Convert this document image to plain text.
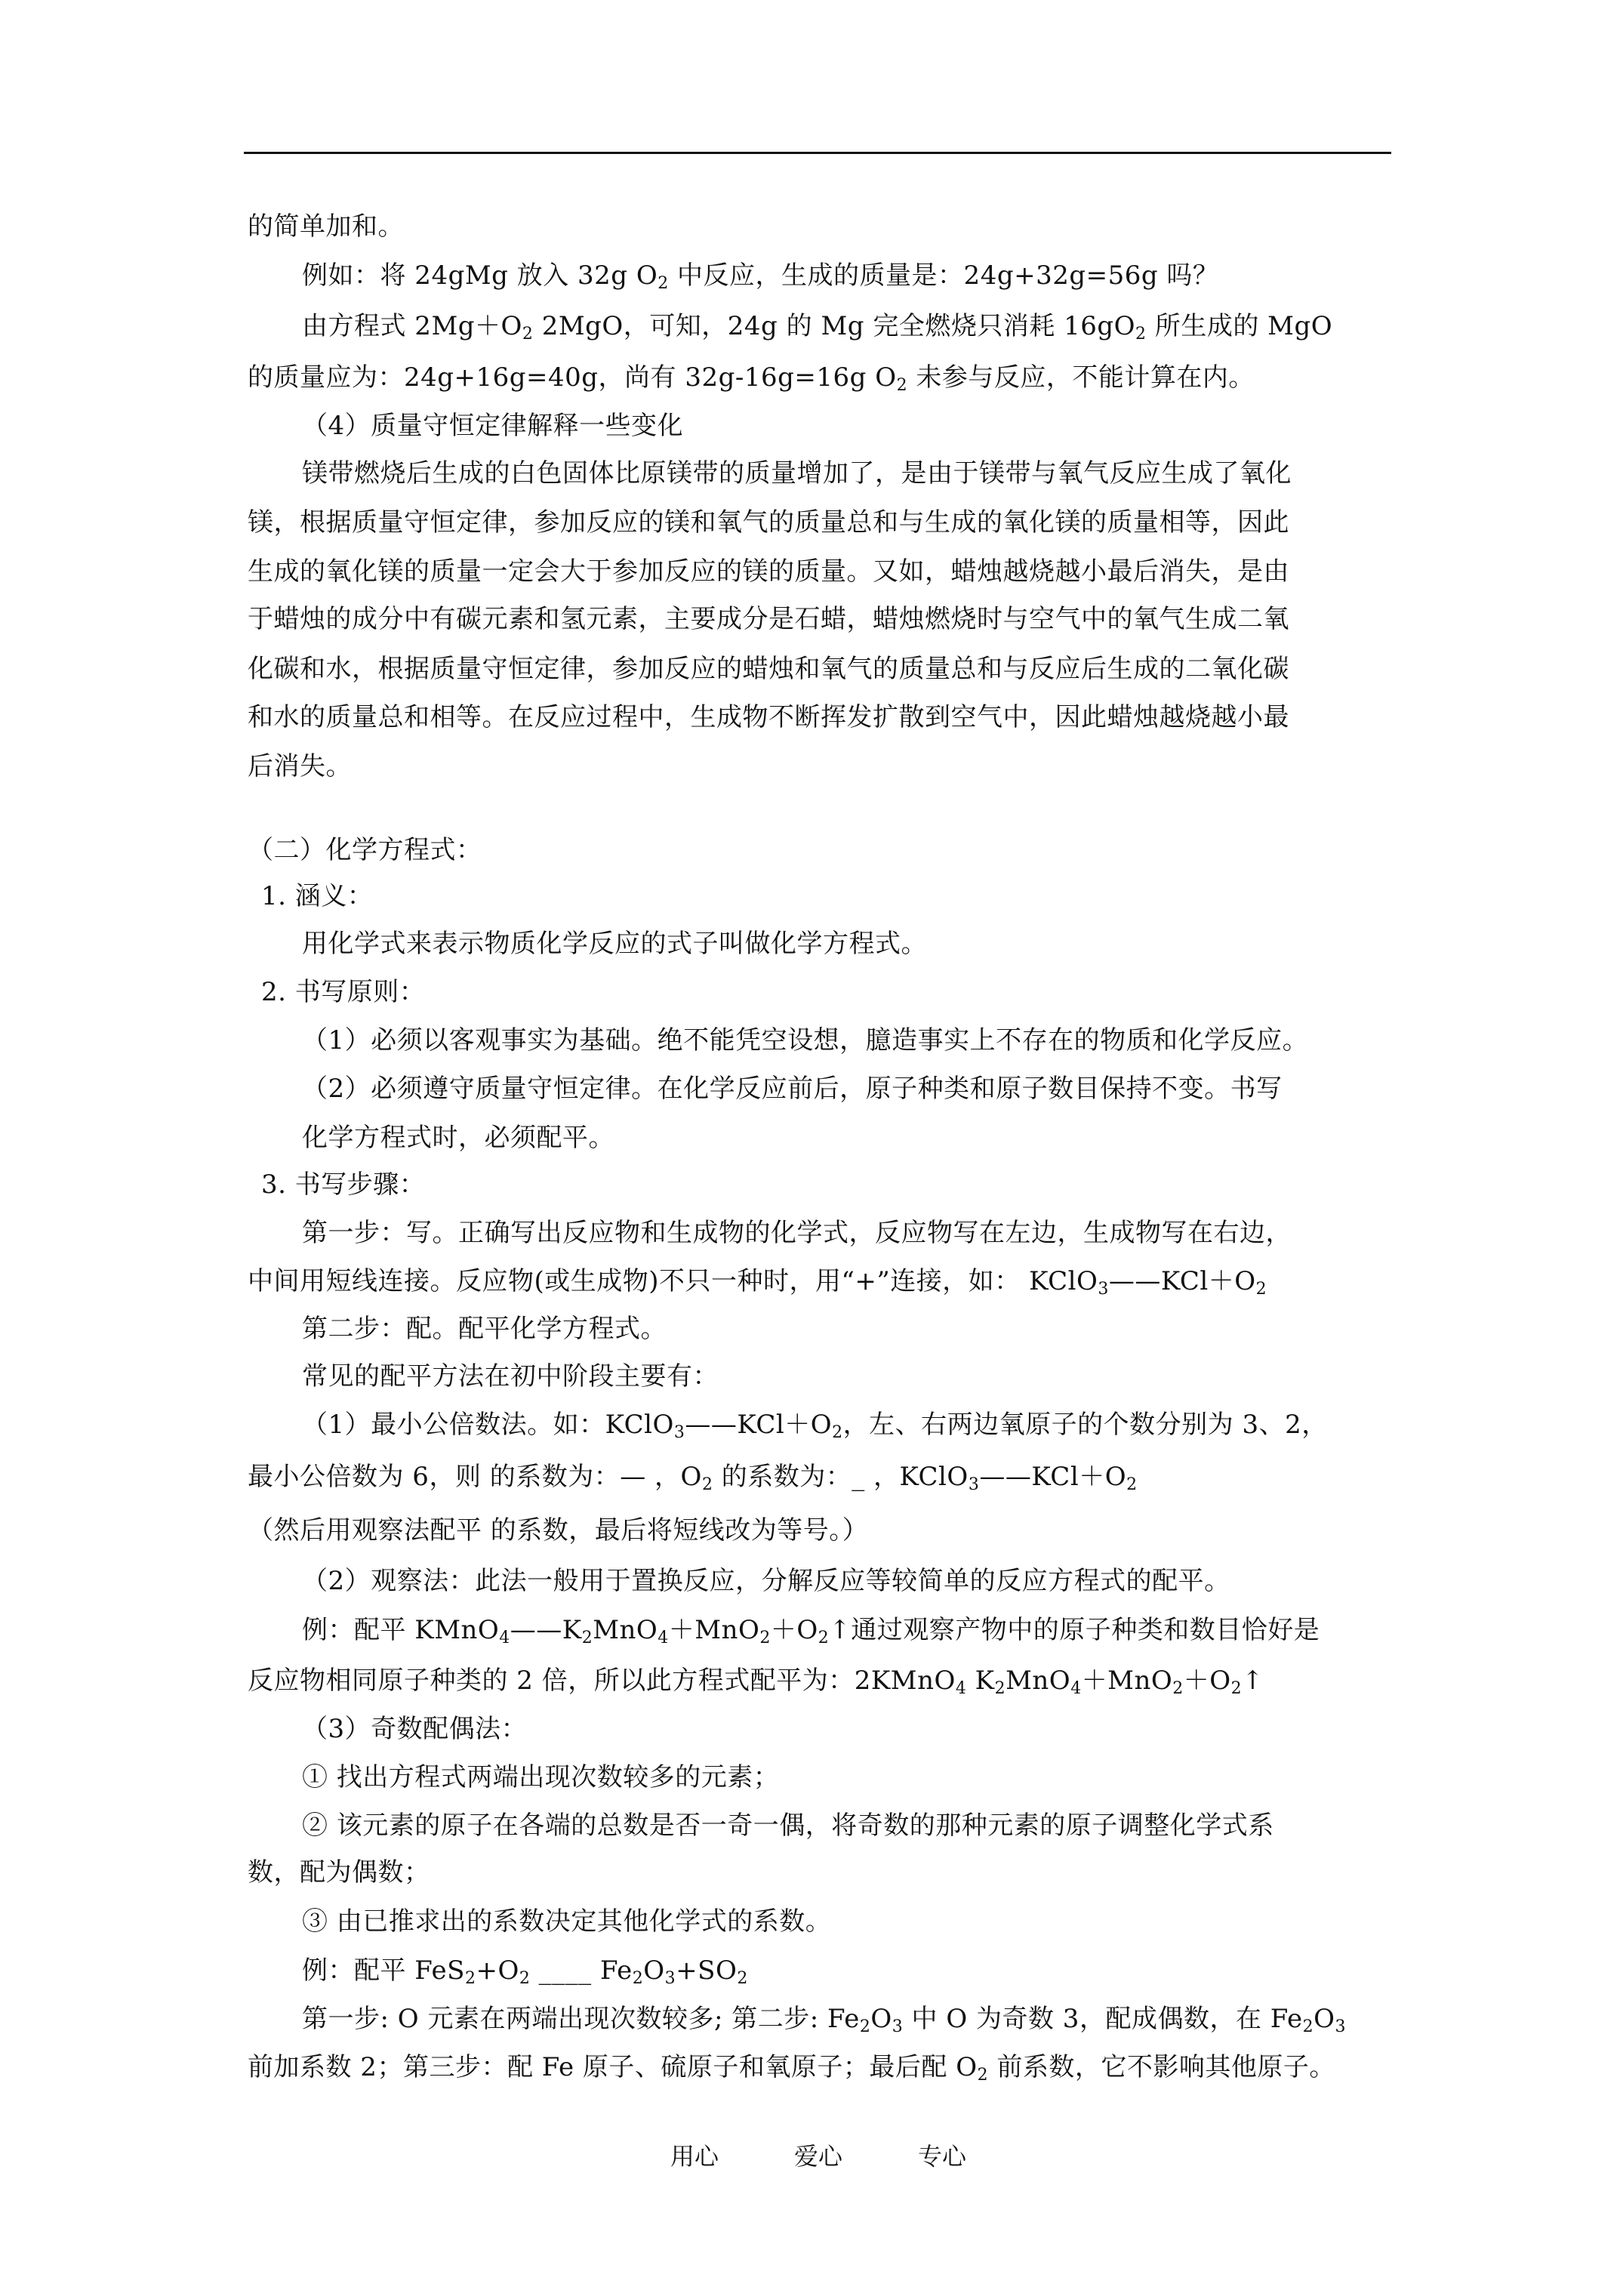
的简单加和。
例如：将 24gMg 放入 32g $O_2$ 中反应，生成的质量是：24g+32g=56g 吗？
由方程式 $2Mg+O_2$ 2MgO，可知，24g 的 Mg 完全燃烧只消耗 $16gO_2$ 所生成的 MgO
的质量应为：24g+16g=40g，尚有 32g-16g=16g $O_2$ 未参与反应，不能计算在内。
（4）质量守恒定律解释一些变化
镁带燃烧后生成的白色固体比原镁带的质量增加了，是由于镁带与氧气反应生成了氧化
镁，根据质量守恒定律，参加反应的镁和氧气的质量总和与生成的氧化镁的质量相等，因此
生成的氧化镁的质量一定会大于参加反应的镁的质量。又如，蜡烛越烧越小最后消失，是由
于蜡烛的成分中有碳元素和氢元素，主要成分是石蜡，蜡烛燃烧时与空气中的氧气生成二氧
化碳和水，根据质量守恒定律，参加反应的蜡烛和氧气的质量总和与反应后生成的二氧化碳
和水的质量总和相等。在反应过程中，生成物不断挥发扩散到空气中，因此蜡烛越烧越小最
后消失。
（二）化学方程式：
1. 涵义：
用化学式来表示物质化学反应的式子叫做化学方程式。
2. 书写原则：
（1）必须以客观事实为基础。绝不能凭空设想，臆造事实上不存在的物质和化学反应。
（2）必须遵守质量守恒定律。在化学反应前后，原子种类和原子数目保持不变。书写
化学方程式时，必须配平。
3. 书写步骤：
第一步：写。正确写出反应物和生成物的化学式，反应物写在左边，生成物写在右边，
中间用短线连接。反应物(或生成物)不只一种时，用“+”连接，如： $KClO_3——KCl+O_2$
第二步：配。配平化学方程式。
常见的配平方法在初中阶段主要有：
（1）最小公倍数法。如：$KClO_3——KCl+O_2$，左、右两边氧原子的个数分别为 3、2，
最小公倍数为 6，则 的系数为：— ，$O_2$ 的系数为：_ ，$KClO_3——KCl+O_2$
（然后用观察法配平 的系数，最后将短线改为等号。）
（2）观察法：此法一般用于置换反应，分解反应等较简单的反应方程式的配平。
例：配平 $KMnO_4——K_2MnO_4+MnO_2+O_2↑$通过观察产物中的原子种类和数目恰好是
反应物相同原子种类的 2 倍，所以此方程式配平为：2KMnO$_4$ $K_2MnO_4+MnO_2+O_2↑$
（3）奇数配偶法：
① 找出方程式两端出现次数较多的元素；
② 该元素的原子在各端的总数是否一奇一偶，将奇数的那种元素的原子调整化学式系
数，配为偶数；
③ 由已推求出的系数决定其他化学式的系数。
例：配平 $FeS_2+O_2$ ____ $Fe_2O_3+SO_2$
第一步: O 元素在两端出现次数较多; 第二步: $Fe_2O_3$ 中 O 为奇数 3，配成偶数，在 $Fe_2O_3$
前加系数 2；第三步：配 Fe 原子、硫原子和氧原子；最后配 $O_2$ 前系数，它不影响其他原子。
用心	爱心	专心
